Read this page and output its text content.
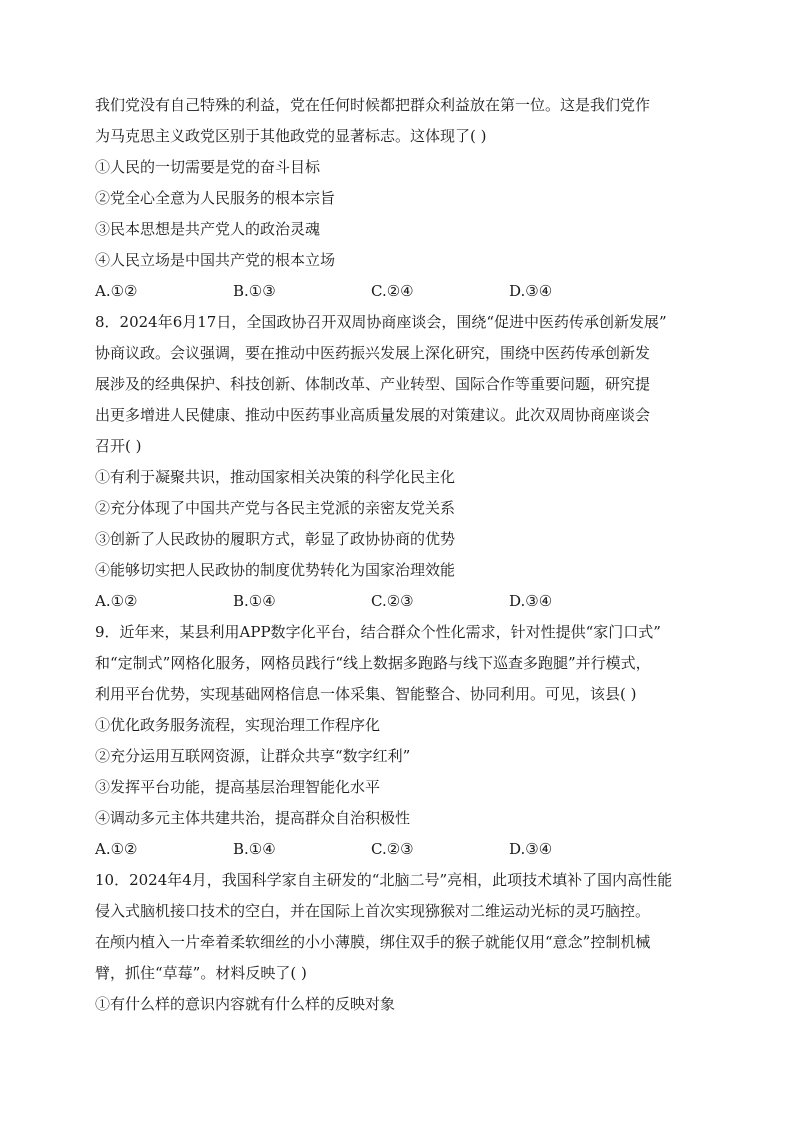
我们党没有自己特殊的利益，党在任何时候都把群众利益放在第一位。这是我们党作
为马克思主义政党区别于其他政党的显著标志。这体现了( )
①人民的一切需要是党的奋斗目标
②党全心全意为人民服务的根本宗旨
③民本思想是共产党人的政治灵魂
④人民立场是中国共产党的根本立场
A.①②	B.①③	C.②④	D.③④
8．2024年6月17日，全国政协召开双周协商座谈会，围绕“促进中医药传承创新发展”
协商议政。会议强调，要在推动中医药振兴发展上深化研究，围绕中医药传承创新发
展涉及的经典保护、科技创新、体制改革、产业转型、国际合作等重要问题，研究提
出更多增进人民健康、推动中医药事业高质量发展的对策建议。此次双周协商座谈会
召开( )
①有利于凝聚共识，推动国家相关决策的科学化民主化
②充分体现了中国共产党与各民主党派的亲密友党关系
③创新了人民政协的履职方式，彰显了政协协商的优势
④能够切实把人民政协的制度优势转化为国家治理效能
A.①②	B.①④	C.②③	D.③④
9．近年来，某县利用APP数字化平台，结合群众个性化需求，针对性提供“家门口式”
和“定制式”网格化服务，网格员践行“线上数据多跑路与线下巡查多跑腿”并行模式，
利用平台优势，实现基础网格信息一体采集、智能整合、协同利用。可见，该县( )
①优化政务服务流程，实现治理工作程序化
②充分运用互联网资源，让群众共享“数字红利”
③发挥平台功能，提高基层治理智能化水平
④调动多元主体共建共治，提高群众自治积极性
A.①②	B.①④	C.②③	D.③④
10．2024年4月，我国科学家自主研发的“北脑二号”亮相，此项技术填补了国内高性能
侵入式脑机接口技术的空白，并在国际上首次实现猕猴对二维运动光标的灵巧脑控。
在颅内植入一片牵着柔软细丝的小小薄膜，绑住双手的猴子就能仅用“意念”控制机械
臂，抓住“草莓”。材料反映了( )
①有什么样的意识内容就有什么样的反映对象
